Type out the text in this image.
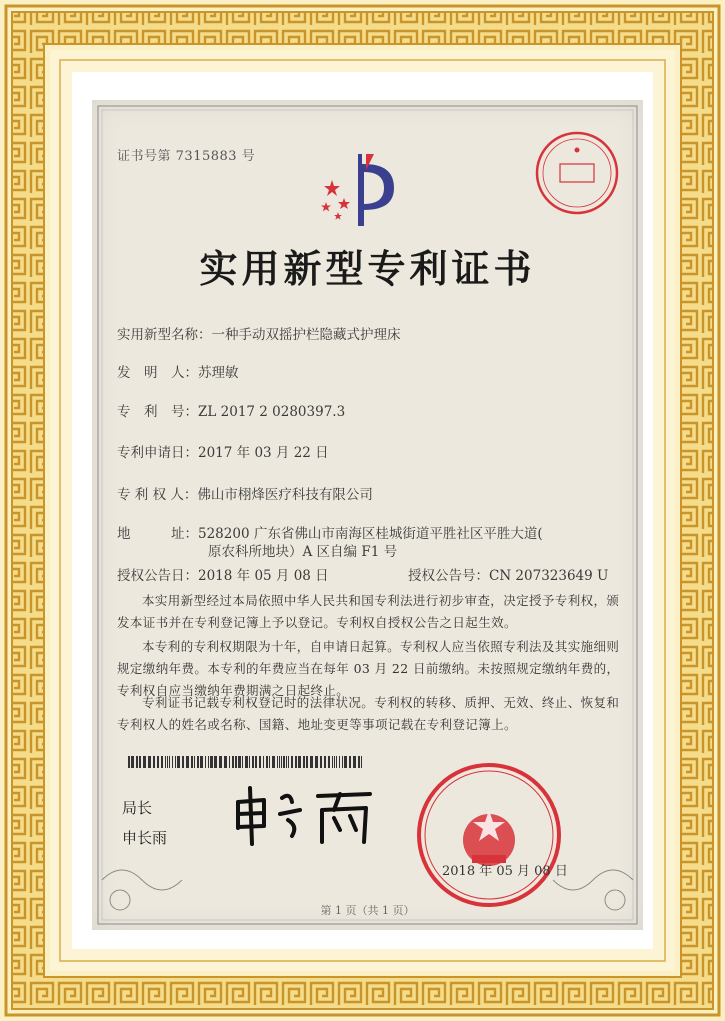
证书号第 7315883 号
实用新型专利证书
实用新型名称：一种手动双摇护栏隐藏式护理床
发　明　人：苏理敏
专　利　号：ZL 2017 2 0280397.3
专利申请日：2017 年 03 月 22 日
专 利 权 人：佛山市栩烽医疗科技有限公司
地　　　址：528200 广东省佛山市南海区桂城街道平胜社区平胜大道(
原农科所地块）A 区自编 F1 号
授权公告日：2018 年 05 月 08 日	授权公告号：CN 207323649 U
本实用新型经过本局依照中华人民共和国专利法进行初步审查，决定授予专利权，颁发本证书并在专利登记簿上予以登记。专利权自授权公告之日起生效。
本专利的专利权期限为十年，自申请日起算。专利权人应当依照专利法及其实施细则规定缴纳年费。本专利的年费应当在每年 03 月 22 日前缴纳。未按照规定缴纳年费的，专利权自应当缴纳年费期满之日起终止。
专利证书记载专利权登记时的法律状况。专利权的转移、质押、无效、终止、恢复和专利权人的姓名或名称、国籍、地址变更等事项记载在专利登记簿上。
局长
申长雨
2018 年 05 月 08 日
第 1 页（共 1 页）
